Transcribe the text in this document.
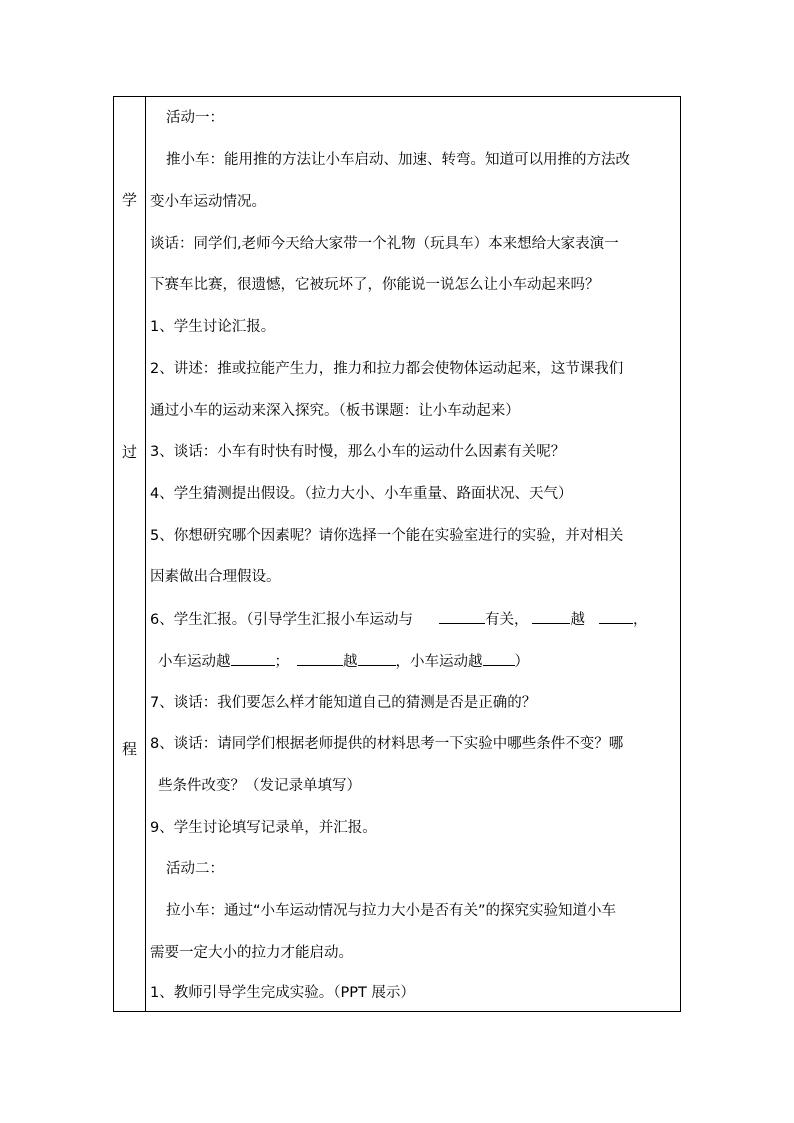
学
过
程
活动一：
推小车：能用推的方法让小车启动、加速、转弯。知道可以用推的方法改
变小车运动情况。
谈话：同学们,老师今天给大家带一个礼物（玩具车）本来想给大家表演一
下赛车比赛，很遗憾，它被玩坏了，你能说一说怎么让小车动起来吗？
1、学生讨论汇报。
2、讲述：推或拉能产生力，推力和拉力都会使物体运动起来，这节课我们
通过小车的运动来深入探究。（板书课题：让小车动起来）
3、谈话：小车有时快有时慢，那么小车的运动什么因素有关呢？
4、学生猜测提出假设。（拉力大小、小车重量、路面状况、天气）
5、你想研究哪个因素呢？请你选择一个能在实验室进行的实验，并对相关
因素做出合理假设。
6、学生汇报。（引导学生汇报小车运动与	有关，	越	，
小车运动越	；	越	，小车运动越 ）
7、谈话：我们要怎么样才能知道自己的猜测是否是正确的？
8、谈话：请同学们根据老师提供的材料思考一下实验中哪些条件不变？哪
些条件改变？（发记录单填写）
9、学生讨论填写记录单，并汇报。
活动二：
拉小车：通过“小车运动情况与拉力大小是否有关”的探究实验知道小车
需要一定大小的拉力才能启动。
1、教师引导学生完成实验。（PPT 展示）
